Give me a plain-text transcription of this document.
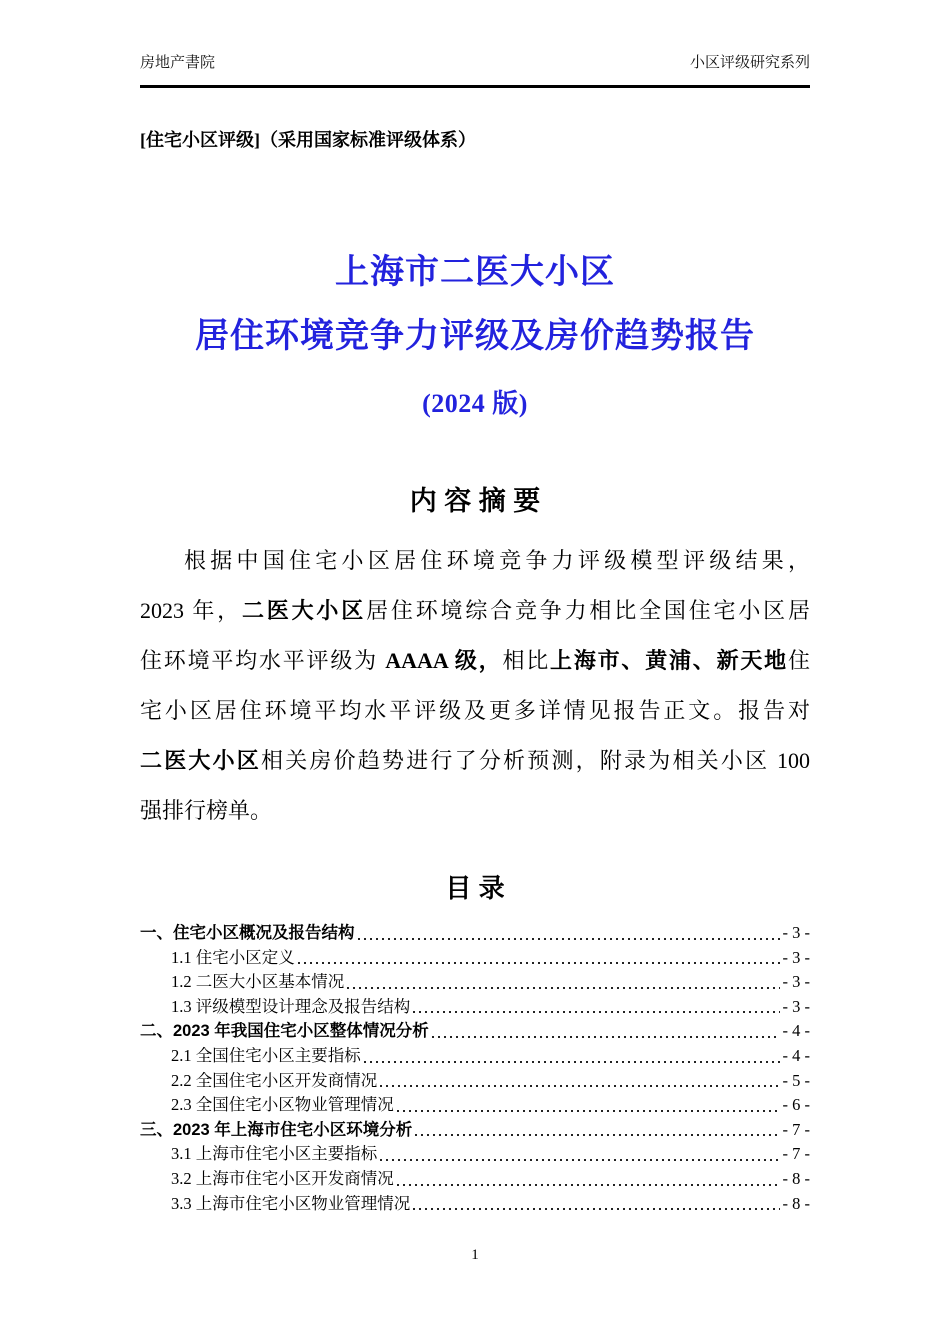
房地产書院	小区评级研究系列
[住宅小区评级]（采用国家标准评级体系）
上海市二医大小区
居住环境竞争力评级及房价趋势报告
(2024 版)
内 容 摘 要
根据中国住宅小区居住环境竞争力评级模型评级结果，
2023 年，二医大小区居住环境综合竞争力相比全国住宅小区居
住环境平均水平评级为 AAAA 级，相比上海市、黄浦、新天地住
宅小区居住环境平均水平评级及更多详情见报告正文。报告对
二医大小区相关房价趋势进行了分析预测，附录为相关小区 100
强排行榜单。
目 录
一、住宅小区概况及报告结构	- 3 -
1.1 住宅小区定义	- 3 -
1.2 二医大小区基本情况	- 3 -
1.3 评级模型设计理念及报告结构	- 3 -
二、2023 年我国住宅小区整体情况分析	- 4 -
2.1 全国住宅小区主要指标	- 4 -
2.2 全国住宅小区开发商情况	- 5 -
2.3 全国住宅小区物业管理情况	- 6 -
三、2023 年上海市住宅小区环境分析	- 7 -
3.1 上海市住宅小区主要指标	- 7 -
3.2 上海市住宅小区开发商情况	- 8 -
3.3 上海市住宅小区物业管理情况	- 8 -
1
